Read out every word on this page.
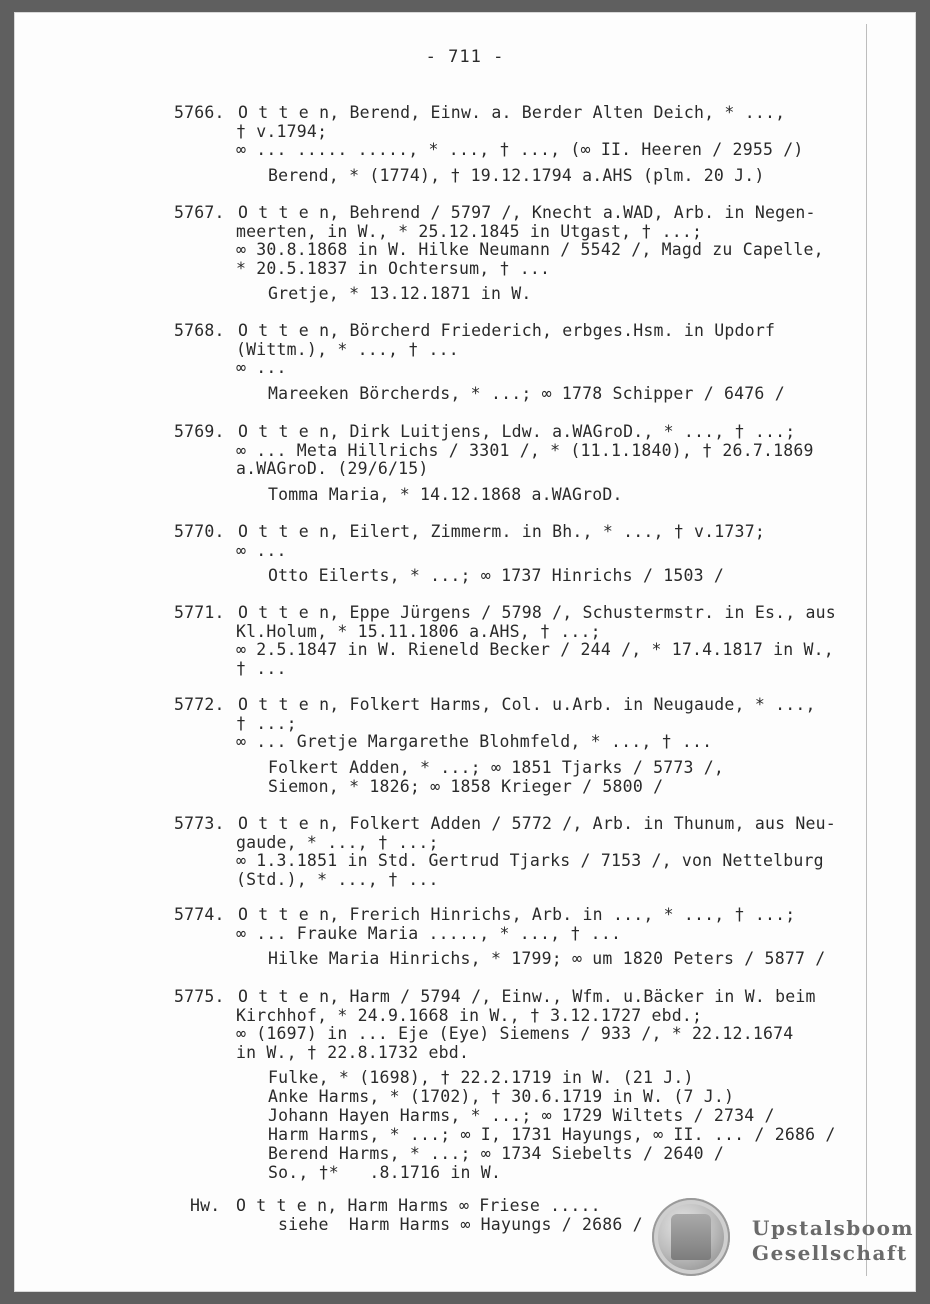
- 711 -
5766. O t t e n, Berend, Einw. a. Berder Alten Deich, * ...,
† v.1794;
∞ ... ..... ....., * ..., † ..., (∞ II. Heeren / 2955 /)
Berend, * (1774), † 19.12.1794 a.AHS (plm. 20 J.)
5767. O t t e n, Behrend / 5797 /, Knecht a.WAD, Arb. in Negen-
meerten, in W., * 25.12.1845 in Utgast, † ...;
∞ 30.8.1868 in W. Hilke Neumann / 5542 /, Magd zu Capelle,
* 20.5.1837 in Ochtersum, † ...
Gretje, * 13.12.1871 in W.
5768. O t t e n, Börcherd Friederich, erbges.Hsm. in Updorf
(Wittm.), * ..., † ...
∞ ...
Mareeken Börcherds, * ...; ∞ 1778 Schipper / 6476 /
5769. O t t e n, Dirk Luitjens, Ldw. a.WAGroD., * ..., † ...;
∞ ... Meta Hillrichs / 3301 /, * (11.1.1840), † 26.7.1869
a.WAGroD. (29/6/15)
Tomma Maria, * 14.12.1868 a.WAGroD.
5770. O t t e n, Eilert, Zimmerm. in Bh., * ..., † v.1737;
∞ ...
Otto Eilerts, * ...; ∞ 1737 Hinrichs / 1503 /
5771. O t t e n, Eppe Jürgens / 5798 /, Schustermstr. in Es., aus
Kl.Holum, * 15.11.1806 a.AHS, † ...;
∞ 2.5.1847 in W. Rieneld Becker / 244 /, * 17.4.1817 in W.,
† ...
5772. O t t e n, Folkert Harms, Col. u.Arb. in Neugaude, * ...,
† ...;
∞ ... Gretje Margarethe Blohmfeld, * ..., † ...
Folkert Adden, * ...; ∞ 1851 Tjarks / 5773 /,
Siemon, * 1826; ∞ 1858 Krieger / 5800 /
5773. O t t e n, Folkert Adden / 5772 /, Arb. in Thunum, aus Neu-
gaude, * ..., † ...;
∞ 1.3.1851 in Std. Gertrud Tjarks / 7153 /, von Nettelburg
(Std.), * ..., † ...
5774. O t t e n, Frerich Hinrichs, Arb. in ..., * ..., † ...;
∞ ... Frauke Maria ....., * ..., † ...
Hilke Maria Hinrichs, * 1799; ∞ um 1820 Peters / 5877 /
5775. O t t e n, Harm / 5794 /, Einw., Wfm. u.Bäcker in W. beim
Kirchhof, * 24.9.1668 in W., † 3.12.1727 ebd.;
∞ (1697) in ... Eje (Eye) Siemens / 933 /, * 22.12.1674
in W., † 22.8.1732 ebd.
Fulke, * (1698), † 22.2.1719 in W. (21 J.)
Anke Harms, * (1702), † 30.6.1719 in W. (7 J.)
Johann Hayen Harms, * ...; ∞ 1729 Wiltets / 2734 /
Harm Harms, * ...; ∞ I, 1731 Hayungs, ∞ II. ... / 2686 /
Berend Harms, * ...; ∞ 1734 Siebelts / 2640 /
So., †*   .8.1716 in W.
Hw. O t t e n, Harm Harms ∞ Friese .....
siehe  Harm Harms ∞ Hayungs / 2686 /	Upstalsboom
Gesellschaft
